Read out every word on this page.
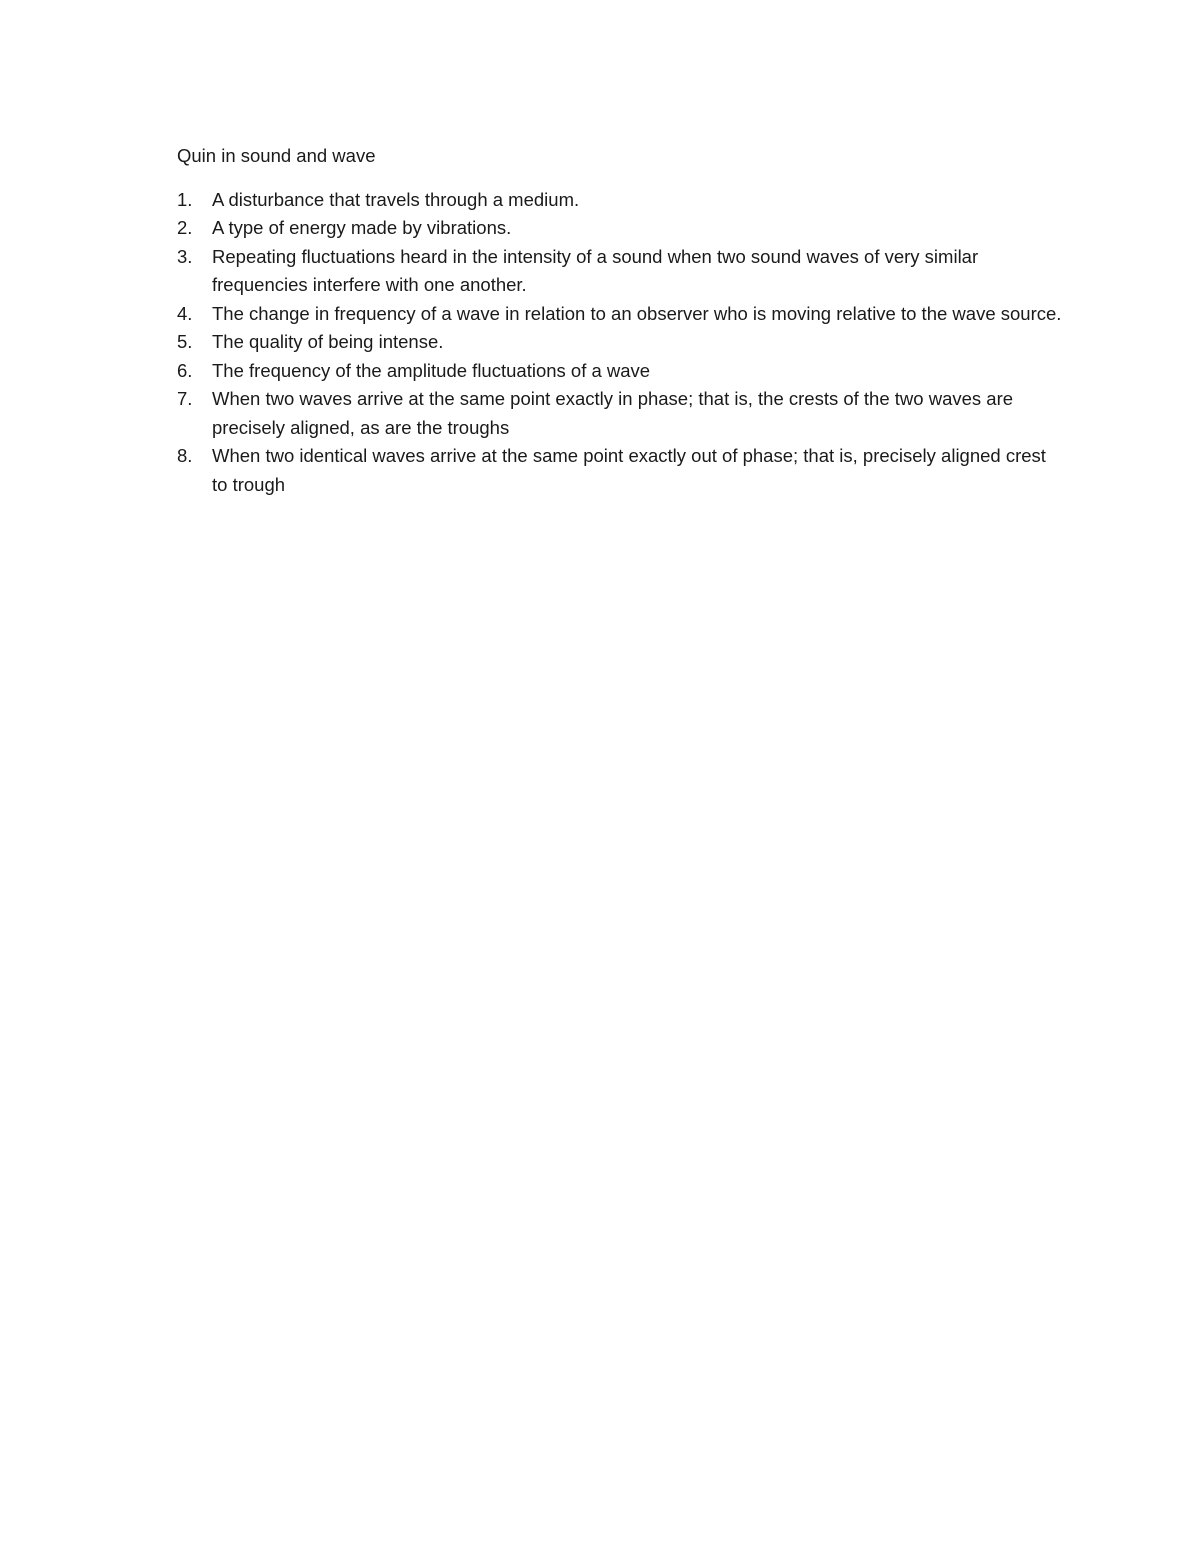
Quin in sound and wave

1.	A disturbance that travels through a medium.
2.	A type of energy made by vibrations.
3.	Repeating fluctuations heard in the intensity of a sound when two sound waves of very similar frequencies interfere with one another.
4.	The change in frequency of a wave in relation to an observer who is moving relative to the wave source.
5.	The quality of being intense.
6.	The frequency of the amplitude fluctuations of a wave
7.	When two waves arrive at the same point exactly in phase; that is, the crests of the two waves are precisely aligned, as are the troughs
8.	When two identical waves arrive at the same point exactly out of phase; that is, precisely aligned crest to trough
